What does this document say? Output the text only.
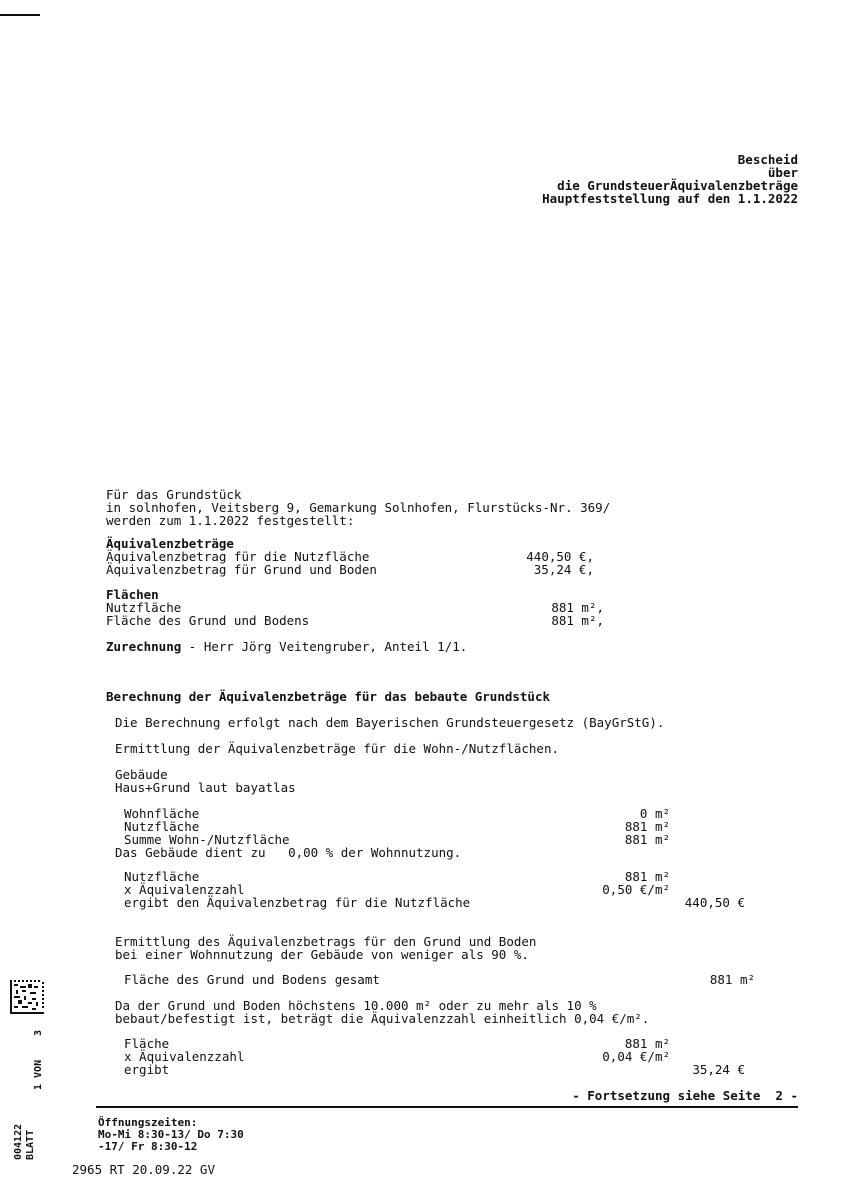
Bescheid
über
die GrundsteuerÄquivalenzbeträge
Hauptfeststellung auf den 1.1.2022
Für das Grundstück
in solnhofen, Veitsberg 9, Gemarkung Solnhofen, Flurstücks-Nr. 369/
werden zum 1.1.2022 festgestellt:
Äquivalenzbeträge
Äquivalenzbetrag für die Nutzfläche	440,50 €,
Äquivalenzbetrag für Grund und Boden	35,24 €,
Flächen
Nutzfläche	881 m²,
Fläche des Grund und Bodens	881 m²,
Zurechnung - Herr Jörg Veitengruber, Anteil 1/1.
Berechnung der Äquivalenzbeträge für das bebaute Grundstück
Die Berechnung erfolgt nach dem Bayerischen Grundsteuergesetz (BayGrStG).
Ermittlung der Äquivalenzbeträge für die Wohn-/Nutzflächen.
Gebäude
Haus+Grund laut bayatlas
Wohnfläche	0 m²
Nutzfläche	881 m²
Summe Wohn-/Nutzfläche	881 m²
Das Gebäude dient zu   0,00 % der Wohnnutzung.
Nutzfläche	881 m²
x Äquivalenzzahl	0,50 €/m²
ergibt den Äquivalenzbetrag für die Nutzfläche	440,50 €
Ermittlung des Äquivalenzbetrags für den Grund und Boden
bei einer Wohnnutzung der Gebäude von weniger als 90 %.
Fläche des Grund und Bodens gesamt	881 m²
Da der Grund und Boden höchstens 10.000 m² oder zu mehr als 10 %
bebaut/befestigt ist, beträgt die Äquivalenzzahl einheitlich 0,04 €/m².
Fläche	881 m²
x Äquivalenzzahl	0,04 €/m²
ergibt	35,24 €
- Fortsetzung siehe Seite  2 -
Öffnungszeiten:
Mo-Mi 8:30-13/ Do 7:30
-17/ Fr 8:30-12
2965 RT 20.09.22 GV
004122 BLATT
1 VON
3
